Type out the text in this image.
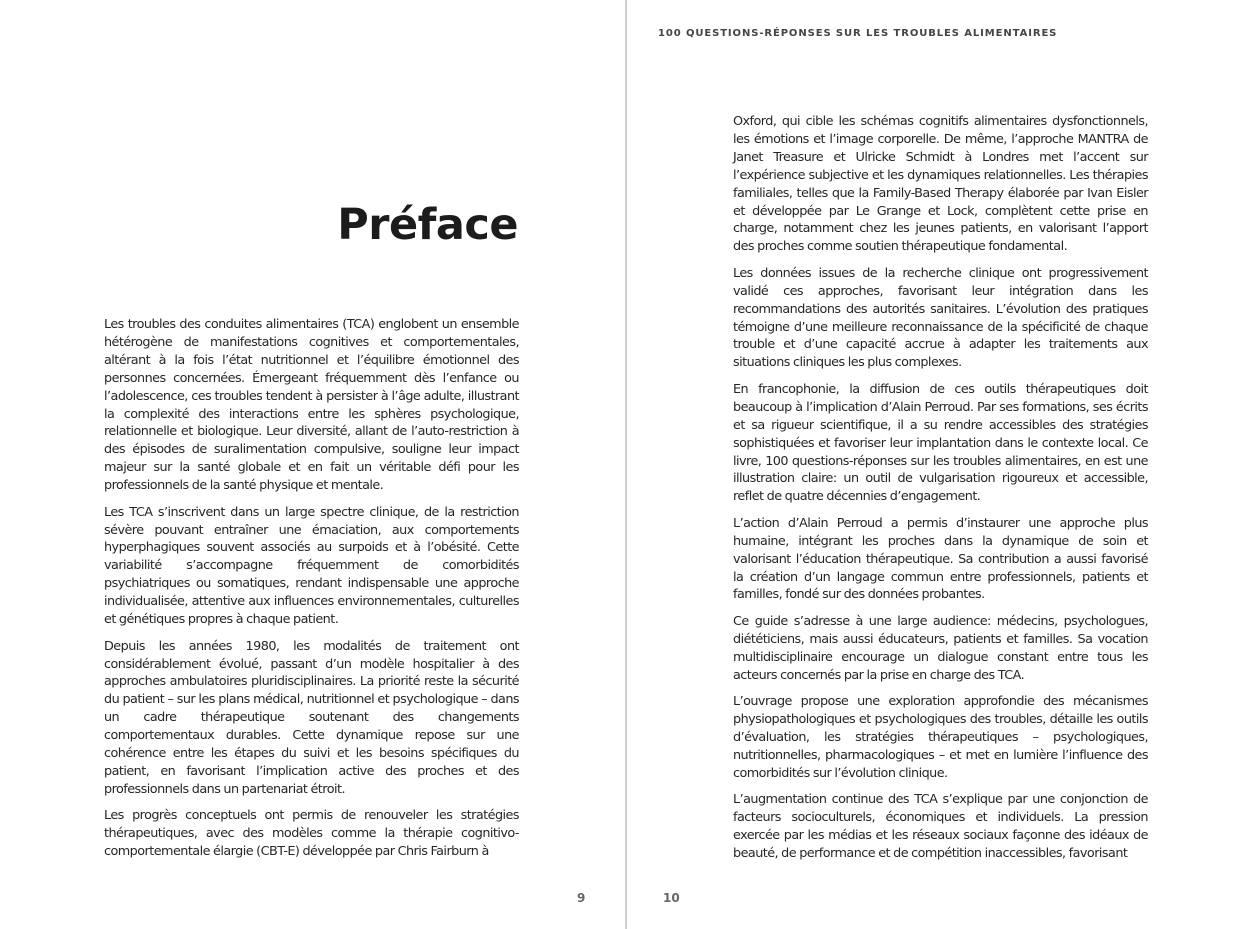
Préface

Les troubles des conduites alimentaires (TCA) englobent un ensemble hétérogène de manifestations cognitives et comportementales, altérant à la fois l’état nutritionnel et l’équilibre émotionnel des personnes concernées. Émergeant fréquemment dès l’enfance ou l’adolescence, ces troubles tendent à persister à l’âge adulte, illustrant la complexité des interactions entre les sphères psychologique, relationnelle et biologique. Leur diversité, allant de l’auto-restriction à des épisodes de suralimentation compulsive, souligne leur impact majeur sur la santé globale et en fait un véritable défi pour les professionnels de la santé physique et mentale.

Les TCA s’inscrivent dans un large spectre clinique, de la restriction sévère pouvant entraîner une émaciation, aux comportements hyperphagiques souvent associés au surpoids et à l’obésité. Cette variabilité s’accompagne fréquemment de comorbidités psychiatriques ou somatiques, rendant indispensable une approche individualisée, attentive aux influences environnementales, culturelles et génétiques propres à chaque patient.

Depuis les années 1980, les modalités de traitement ont considérablement évolué, passant d’un modèle hospitalier à des approches ambulatoires pluridisciplinaires. La priorité reste la sécurité du patient – sur les plans médical, nutritionnel et psychologique – dans un cadre thérapeutique soutenant des changements comportementaux durables. Cette dynamique repose sur une cohérence entre les étapes du suivi et les besoins spécifiques du patient, en favorisant l’implication active des proches et des professionnels dans un partenariat étroit.

Les progrès conceptuels ont permis de renouveler les stratégies thérapeutiques, avec des modèles comme la thérapie cognitivo-comportementale élargie (CBT-E) développée par Chris Fairburn à

9
100 QUESTIONS-RÉPONSES SUR LES TROUBLES ALIMENTAIRES

Oxford, qui cible les schémas cognitifs alimentaires dysfonctionnels, les émotions et l’image corporelle. De même, l’approche MANTRA de Janet Treasure et Ulricke Schmidt à Londres met l’accent sur l’expérience subjective et les dynamiques relationnelles. Les thérapies familiales, telles que la Family-Based Therapy élaborée par Ivan Eisler et développée par Le Grange et Lock, complètent cette prise en charge, notamment chez les jeunes patients, en valorisant l’apport des proches comme soutien thérapeutique fondamental.

Les données issues de la recherche clinique ont progressivement validé ces approches, favorisant leur intégration dans les recommandations des autorités sanitaires. L’évolution des pratiques témoigne d’une meilleure reconnaissance de la spécificité de chaque trouble et d’une capacité accrue à adapter les traitements aux situations cliniques les plus complexes.

En francophonie, la diffusion de ces outils thérapeutiques doit beaucoup à l’implication d’Alain Perroud. Par ses formations, ses écrits et sa rigueur scientifique, il a su rendre accessibles des stratégies sophistiquées et favoriser leur implantation dans le contexte local. Ce livre, 100 questions-réponses sur les troubles alimentaires, en est une illustration claire: un outil de vulgarisation rigoureux et accessible, reflet de quatre décennies d’engagement.

L’action d’Alain Perroud a permis d’instaurer une approche plus humaine, intégrant les proches dans la dynamique de soin et valorisant l’éducation thérapeutique. Sa contribution a aussi favorisé la création d’un langage commun entre professionnels, patients et familles, fondé sur des données probantes.

Ce guide s’adresse à une large audience: médecins, psychologues, diététiciens, mais aussi éducateurs, patients et familles. Sa vocation multidisciplinaire encourage un dialogue constant entre tous les acteurs concernés par la prise en charge des TCA.

L’ouvrage propose une exploration approfondie des mécanismes physiopathologiques et psychologiques des troubles, détaille les outils d’évaluation, les stratégies thérapeutiques – psychologiques, nutritionnelles, pharmacologiques – et met en lumière l’influence des comorbidités sur l’évolution clinique.

L’augmentation continue des TCA s’explique par une conjonction de facteurs socioculturels, économiques et individuels. La pression exercée par les médias et les réseaux sociaux façonne des idéaux de beauté, de performance et de compétition inaccessibles, favorisant

10
